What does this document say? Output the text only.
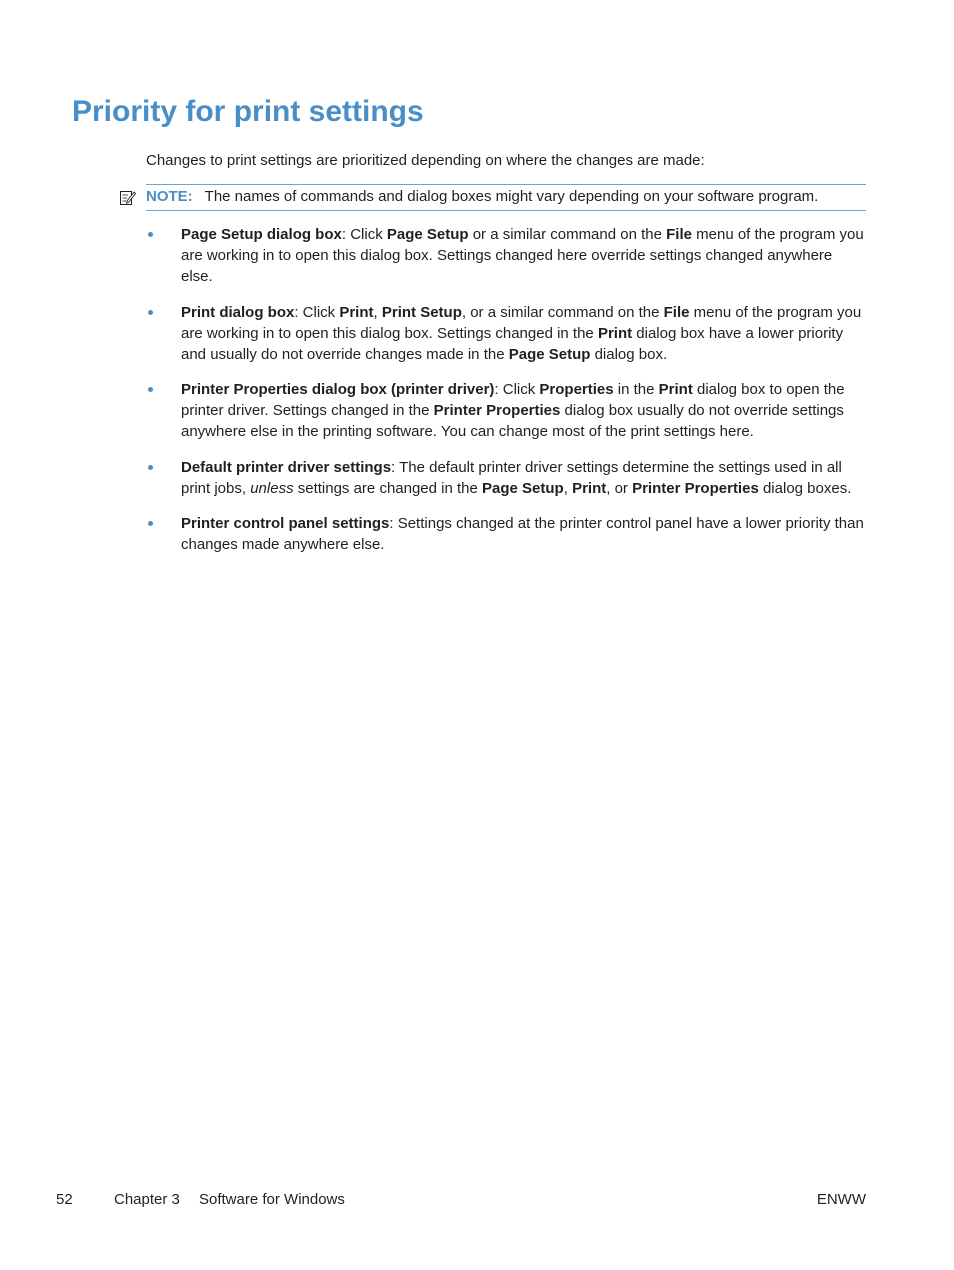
Priority for print settings

Changes to print settings are prioritized depending on where the changes are made:

NOTE: The names of commands and dialog boxes might vary depending on your software program.
Page Setup dialog box: Click Page Setup or a similar command on the File menu of the program you are working in to open this dialog box. Settings changed here override settings changed anywhere else.
Print dialog box: Click Print, Print Setup, or a similar command on the File menu of the program you are working in to open this dialog box. Settings changed in the Print dialog box have a lower priority and usually do not override changes made in the Page Setup dialog box.
Printer Properties dialog box (printer driver): Click Properties in the Print dialog box to open the printer driver. Settings changed in the Printer Properties dialog box usually do not override settings anywhere else in the printing software. You can change most of the print settings here.
Default printer driver settings: The default printer driver settings determine the settings used in all print jobs, unless settings are changed in the Page Setup, Print, or Printer Properties dialog boxes.
Printer control panel settings: Settings changed at the printer control panel have a lower priority than changes made anywhere else.
52	Chapter 3 Software for Windows	ENWW
